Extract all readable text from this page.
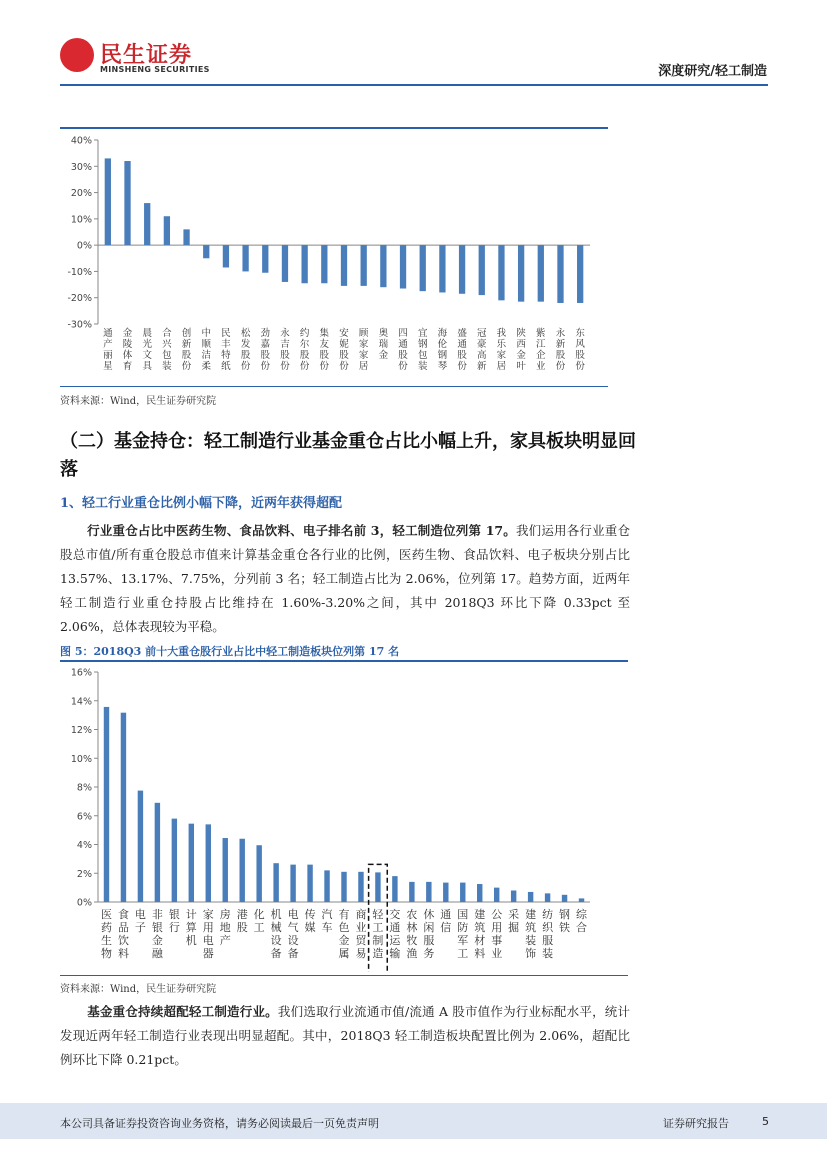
民生证券
MINSHENG SECURITIES	深度研究/轻工制造
40%
30%
20%
10%
0%
-10%
-20%
-30%
通产丽星
金陵体育
晨光文具
合兴包装
创新股份
中顺洁柔
民丰特纸
松发股份
劲嘉股份
永吉股份
约尔股份
集友股份
安妮股份
顾家家居
奥瑞金
四通股份
宜钢包装
海伦钢琴
盛通股份
冠豪高新
我乐家居
陕西金叶
紫江企业
永新股份
东风股份
资料来源：Wind，民生证券研究院
（二）基金持仓：轻工制造行业基金重仓占比小幅上升，家具板块明显回落
1、轻工行业重仓比例小幅下降，近两年获得超配
行业重仓占比中医药生物、食品饮料、电子排名前 3，轻工制造位列第 17。我们运用各行业重仓股总市值/所有重仓股总市值来计算基金重仓各行业的比例，医药生物、食品饮料、电子板块分别占比 13.57%、13.17%、7.75%，分列前 3 名；轻工制造占比为 2.06%，位列第 17。趋势方面，近两年轻工制造行业重仓持股占比维持在 1.60%-3.20%之间，其中 2018Q3 环比下降 0.33pct 至 2.06%，总体表现较为平稳。
图 5：2018Q3 前十大重仓股行业占比中轻工制造板块位列第 17 名
16%
14%
12%
10%
8%
6%
4%
2%
0%
医药生物
食品饮料
电子
非银金融
银行
计算机
家用电器
房地产
港股
化工
机械设备
电气设备
传媒
汽车
有色金属
商业贸易
轻工制造
交通运输
农林牧渔
休闲服务
通信
国防军工
建筑材料
公用事业
采掘
建筑装饰
纺织服装
钢铁
综合
资料来源：Wind，民生证券研究院
基金重仓持续超配轻工制造行业。我们选取行业流通市值/流通 A 股市值作为行业标配水平，统计发现近两年轻工制造行业表现出明显超配。其中，2018Q3 轻工制造板块配置比例为 2.06%，超配比例环比下降 0.21pct。
本公司具备证券投资咨询业务资格，请务必阅读最后一页免责声明	证券研究报告	5
